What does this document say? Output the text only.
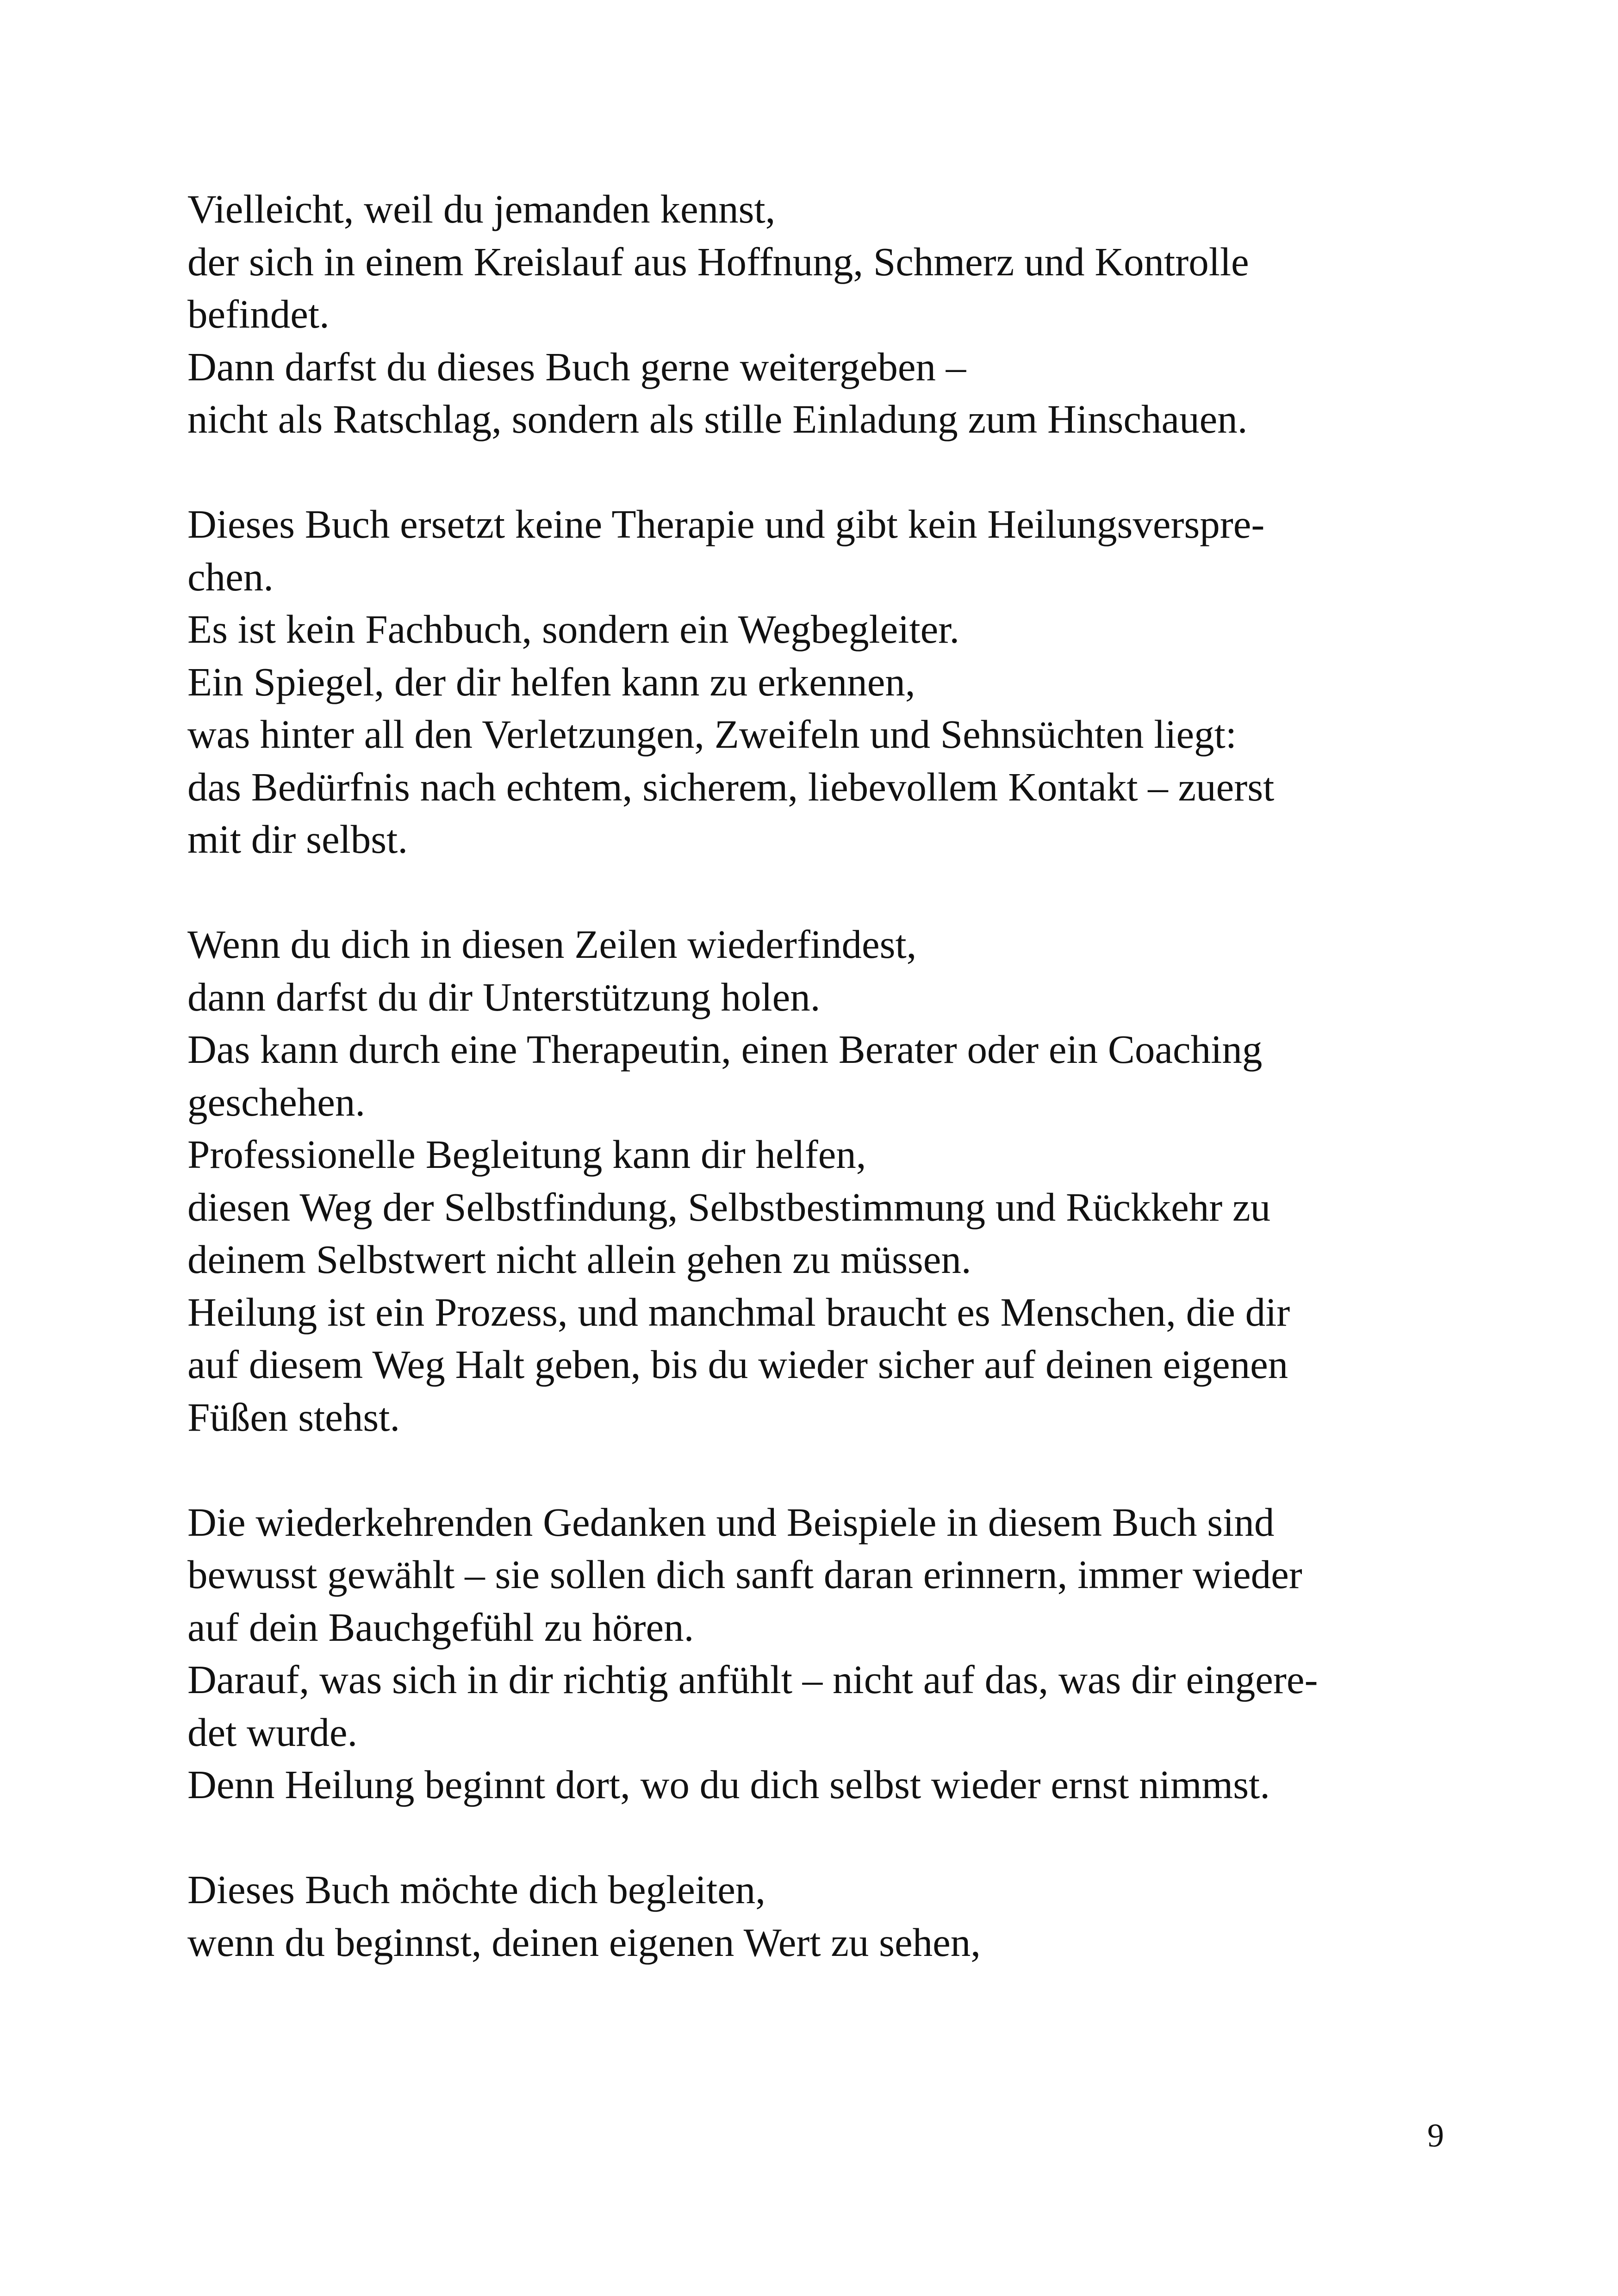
Vielleicht, weil du jemanden kennst,
der sich in einem Kreislauf aus Hoffnung, Schmerz und Kontrolle
befindet.
Dann darfst du dieses Buch gerne weitergeben –
nicht als Ratschlag, sondern als stille Einladung zum Hinschauen.

Dieses Buch ersetzt keine Therapie und gibt kein Heilungsverspre-
chen.
Es ist kein Fachbuch, sondern ein Wegbegleiter.
Ein Spiegel, der dir helfen kann zu erkennen,
was hinter all den Verletzungen, Zweifeln und Sehnsüchten liegt:
das Bedürfnis nach echtem, sicherem, liebevollem Kontakt – zuerst
mit dir selbst.

Wenn du dich in diesen Zeilen wiederfindest,
dann darfst du dir Unterstützung holen.
Das kann durch eine Therapeutin, einen Berater oder ein Coaching
geschehen.
Professionelle Begleitung kann dir helfen,
diesen Weg der Selbstfindung, Selbstbestimmung und Rückkehr zu
deinem Selbstwert nicht allein gehen zu müssen.
Heilung ist ein Prozess, und manchmal braucht es Menschen, die dir
auf diesem Weg Halt geben, bis du wieder sicher auf deinen eigenen
Füßen stehst.

Die wiederkehrenden Gedanken und Beispiele in diesem Buch sind
bewusst gewählt – sie sollen dich sanft daran erinnern, immer wieder
auf dein Bauchgefühl zu hören.
Darauf, was sich in dir richtig anfühlt – nicht auf das, was dir eingere-
det wurde.
Denn Heilung beginnt dort, wo du dich selbst wieder ernst nimmst.

Dieses Buch möchte dich begleiten,
wenn du beginnst, deinen eigenen Wert zu sehen,

9
